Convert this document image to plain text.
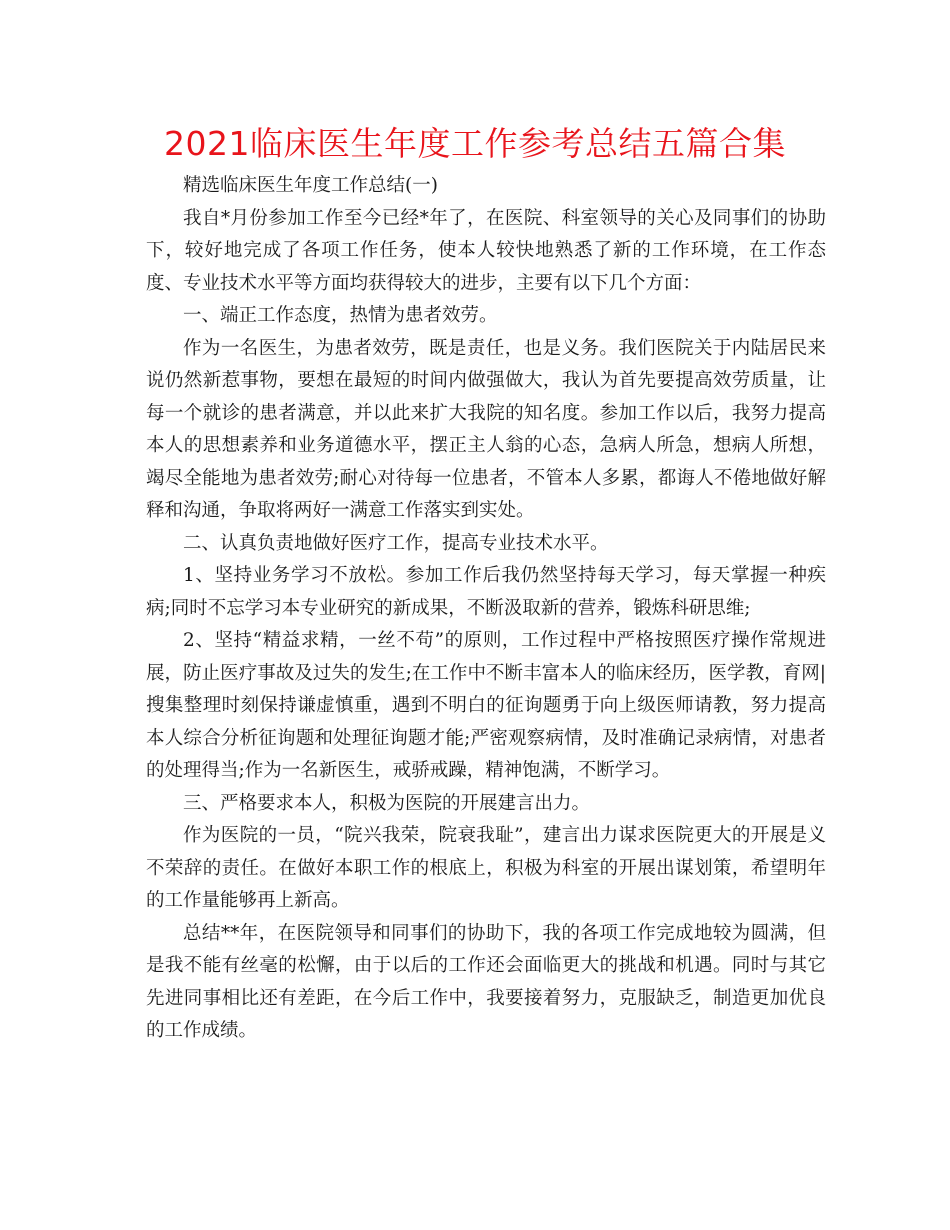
2021临床医生年度工作参考总结五篇合集

精选临床医生年度工作总结(一)

我自*月份参加工作至今已经*年了，在医院、科室领导的关心及同事们的协助下，较好地完成了各项工作任务，使本人较快地熟悉了新的工作环境，在工作态度、专业技术水平等方面均获得较大的进步，主要有以下几个方面：

一、端正工作态度，热情为患者效劳。

作为一名医生，为患者效劳，既是责任，也是义务。我们医院关于内陆居民来说仍然新惹事物，要想在最短的时间内做强做大，我认为首先要提高效劳质量，让每一个就诊的患者满意，并以此来扩大我院的知名度。参加工作以后，我努力提高本人的思想素养和业务道德水平，摆正主人翁的心态，急病人所急，想病人所想，竭尽全能地为患者效劳;耐心对待每一位患者，不管本人多累，都诲人不倦地做好解释和沟通，争取将两好一满意工作落实到实处。

二、认真负责地做好医疗工作，提高专业技术水平。

1、坚持业务学习不放松。参加工作后我仍然坚持每天学习，每天掌握一种疾病;同时不忘学习本专业研究的新成果，不断汲取新的营养，锻炼科研思维;

2、坚持“精益求精，一丝不苟”的原则，工作过程中严格按照医疗操作常规进展，防止医疗事故及过失的发生;在工作中不断丰富本人的临床经历，医学教，育网|搜集整理时刻保持谦虚慎重，遇到不明白的征询题勇于向上级医师请教，努力提高本人综合分析征询题和处理征询题才能;严密观察病情，及时准确记录病情，对患者的处理得当;作为一名新医生，戒骄戒躁，精神饱满，不断学习。

三、严格要求本人，积极为医院的开展建言出力。

作为医院的一员，“院兴我荣，院衰我耻”，建言出力谋求医院更大的开展是义不荣辞的责任。在做好本职工作的根底上，积极为科室的开展出谋划策，希望明年的工作量能够再上新高。

总结**年，在医院领导和同事们的协助下，我的各项工作完成地较为圆满，但是我不能有丝毫的松懈，由于以后的工作还会面临更大的挑战和机遇。同时与其它先进同事相比还有差距，在今后工作中，我要接着努力，克服缺乏，制造更加优良的工作成绩。
